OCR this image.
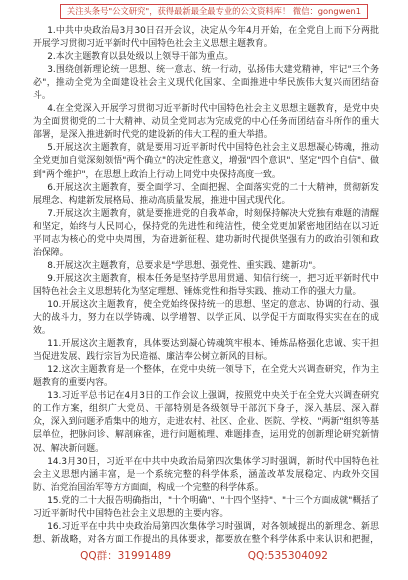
关注头条号"公文研究"，获得最新最全最专业的公文资料库！ 微信：gongwen1

1.中共中央政治局3月30日召开会议，决定从今年4月开始，在全党自上而下分两批开展学习贯彻习近平新时代中国特色社会主义思想主题教育。

2.本次主题教育以县处级以上领导干部为重点。

3.围绕创新理论统一思想、统一意志、统一行动，弘扬伟大建党精神，牢记"三个务必"，推动全党为全面建设社会主义现代化国家、全面推进中华民族伟大复兴而团结奋斗。

4.在全党深入开展学习贯彻习近平新时代中国特色社会主义思想主题教育，是党中央为全面贯彻党的二十大精神、动员全党同志为完成党的中心任务而团结奋斗所作的重大部署，是深入推进新时代党的建设新的伟大工程的重大举措。

5.开展这次主题教育，就是要用习近平新时代中国特色社会主义思想凝心铸魂，推动全党更加自觉深刻领悟"两个确立"的决定性意义，增强"四个意识"、坚定"四个自信"、做到"两个维护"，在思想上政治上行动上同党中央保持高度一致。

6.开展这次主题教育，要全面学习、全面把握、全面落实党的二十大精神，贯彻新发展理念、构建新发展格局、推动高质量发展，推进中国式现代化。

7.开展这次主题教育，就是要推进党的自我革命，时刻保持解决大党独有难题的清醒和坚定，始终与人民同心，保持党的先进性和纯洁性，使全党更加紧密地团结在以习近平同志为核心的党中央周围，为奋进新征程、建功新时代提供坚强有力的政治引领和政治保障。

8.开展这次主题教育，总要求是"学思想、强党性、重实践、建新功"。

9.开展这次主题教育，根本任务是坚持学思用贯通、知信行统一，把习近平新时代中国特色社会主义思想转化为坚定理想、锤炼党性和指导实践、推动工作的强大力量。

10.开展这次主题教育，使全党始终保持统一的思想、坚定的意志、协调的行动、强大的战斗力，努力在以学铸魂、以学增智、以学正风、以学促干方面取得实实在在的成效。

11.开展这次主题教育，具体要达到凝心铸魂筑牢根本、锤炼品格强化忠诚、实干担当促进发展、践行宗旨为民造福、廉洁奉公树立新风的目标。

12.这次主题教育是一个整体，在党中央统一领导下，在全党大兴调查研究，作为主题教育的重要内容。

13.习近平总书记在4月3日的工作会议上强调，按照党中央关于在全党大兴调查研究的工作方案，组织广大党员、干部特别是各级领导干部沉下身子，深入基层、深入群众，深入到问题矛盾集中的地方，走进农村、社区、企业、医院、学校、"两新"组织等基层单位，把脉问诊、解剖麻雀，进行问题梳理、难题排查，运用党的创新理论研究新情况、解决新问题。

14.3月30日，习近平在中共中央政治局第四次集体学习时强调，新时代中国特色社会主义思想内涵丰富，是一个系统完整的科学体系，涵盖改革发展稳定、内政外交国防、治党治国治军等方方面面，构成一个完整的科学体系。

15.党的二十大报告明确指出，"十个明确"、"十四个坚持"、"十三个方面成就"概括了习近平新时代中国特色社会主义思想的主要内容。

16.习近平在中共中央政治局第四次集体学习时强调，对各领域提出的新理念、新思想、新战略，对各方面工作提出的具体要求，都要放在整个科学体系中来认识和把握，

QQ群：31991489	QQ:535304092
